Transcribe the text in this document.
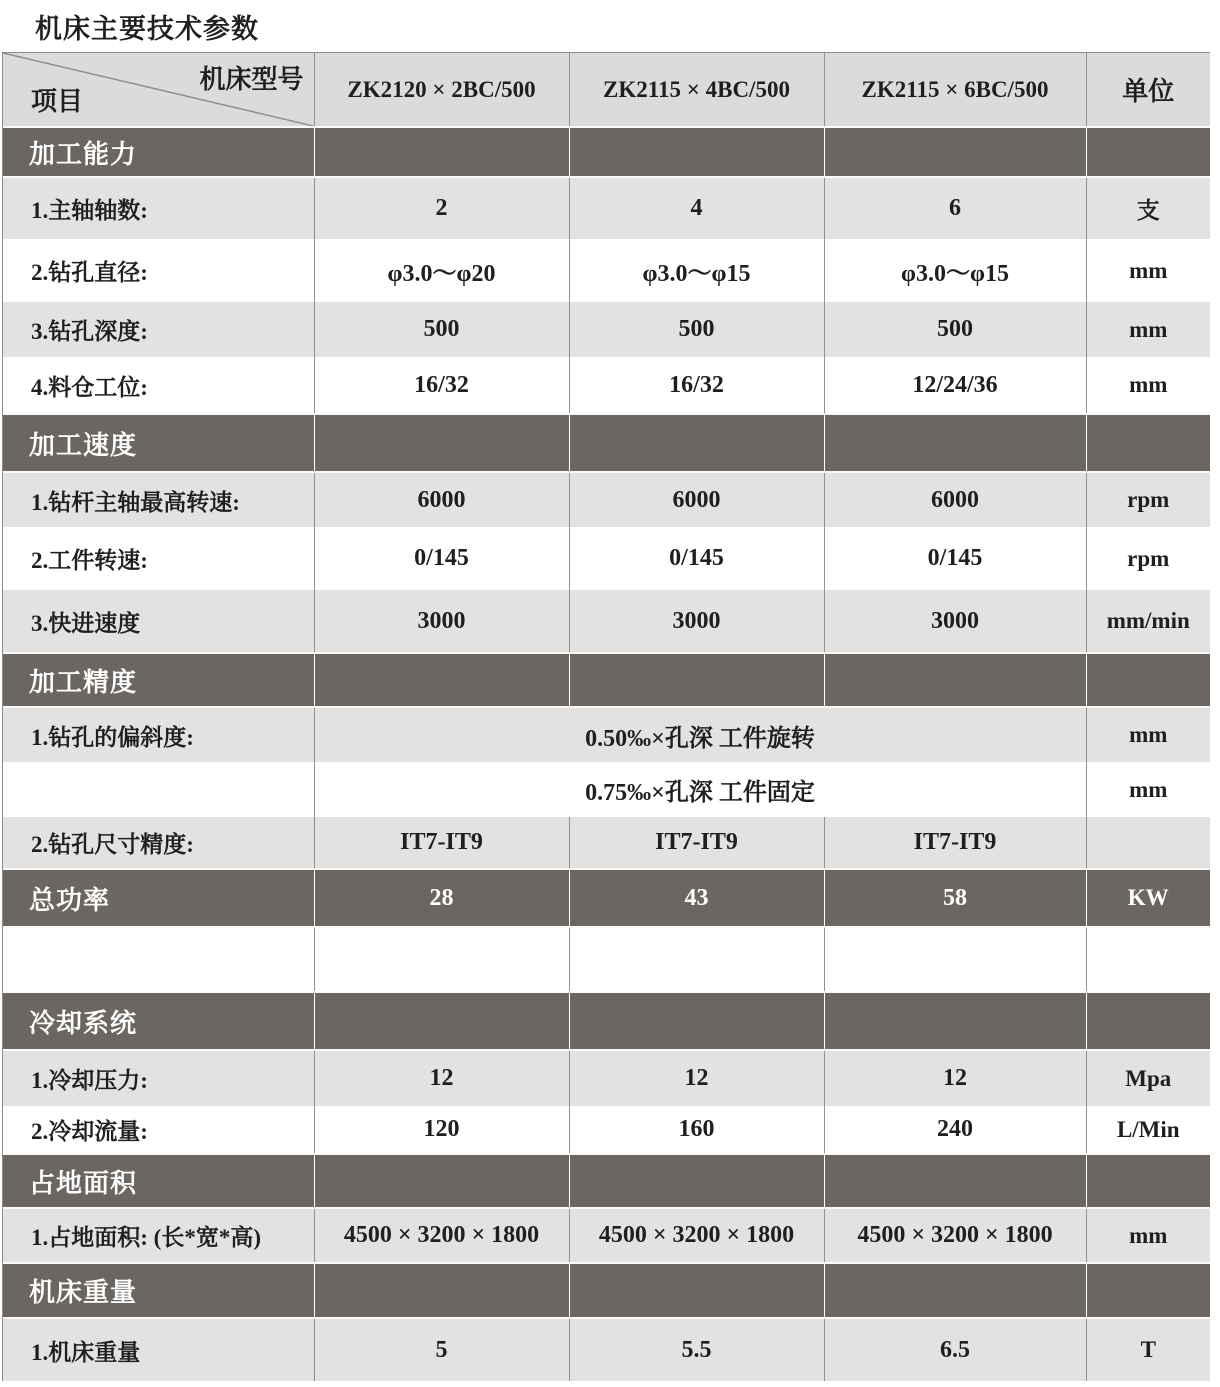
机床主要技术参数
机床型号
项目	ZK2120 × 2BC/500	ZK2115 × 4BC/500	ZK2115 × 6BC/500	单位
加工能力				
1.主轴轴数:	2	4	6	支
2.钻孔直径:	φ3.0～φ20	φ3.0～φ15	φ3.0～φ15	mm
3.钻孔深度:	500	500	500	mm
4.料仓工位:	16/32	16/32	12/24/36	mm
加工速度				
1.钻杆主轴最高转速:	6000	6000	6000	rpm
2.工件转速:	0/145	0/145	0/145	rpm
3.快进速度	3000	3000	3000	mm/min
加工精度				
1.钻孔的偏斜度:	0.50‰×孔深 工件旋转			mm
	0.75‰×孔深 工件固定			mm
2.钻孔尺寸精度:	IT7-IT9	IT7-IT9	IT7-IT9	
总功率	28	43	58	KW

冷却系统				
1.冷却压力:	12	12	12	Mpa
2.冷却流量:	120	160	240	L/Min
占地面积				
1.占地面积: (长*宽*高)	4500 × 3200 × 1800	4500 × 3200 × 1800	4500 × 3200 × 1800	mm
机床重量				
1.机床重量	5	5.5	6.5	T
